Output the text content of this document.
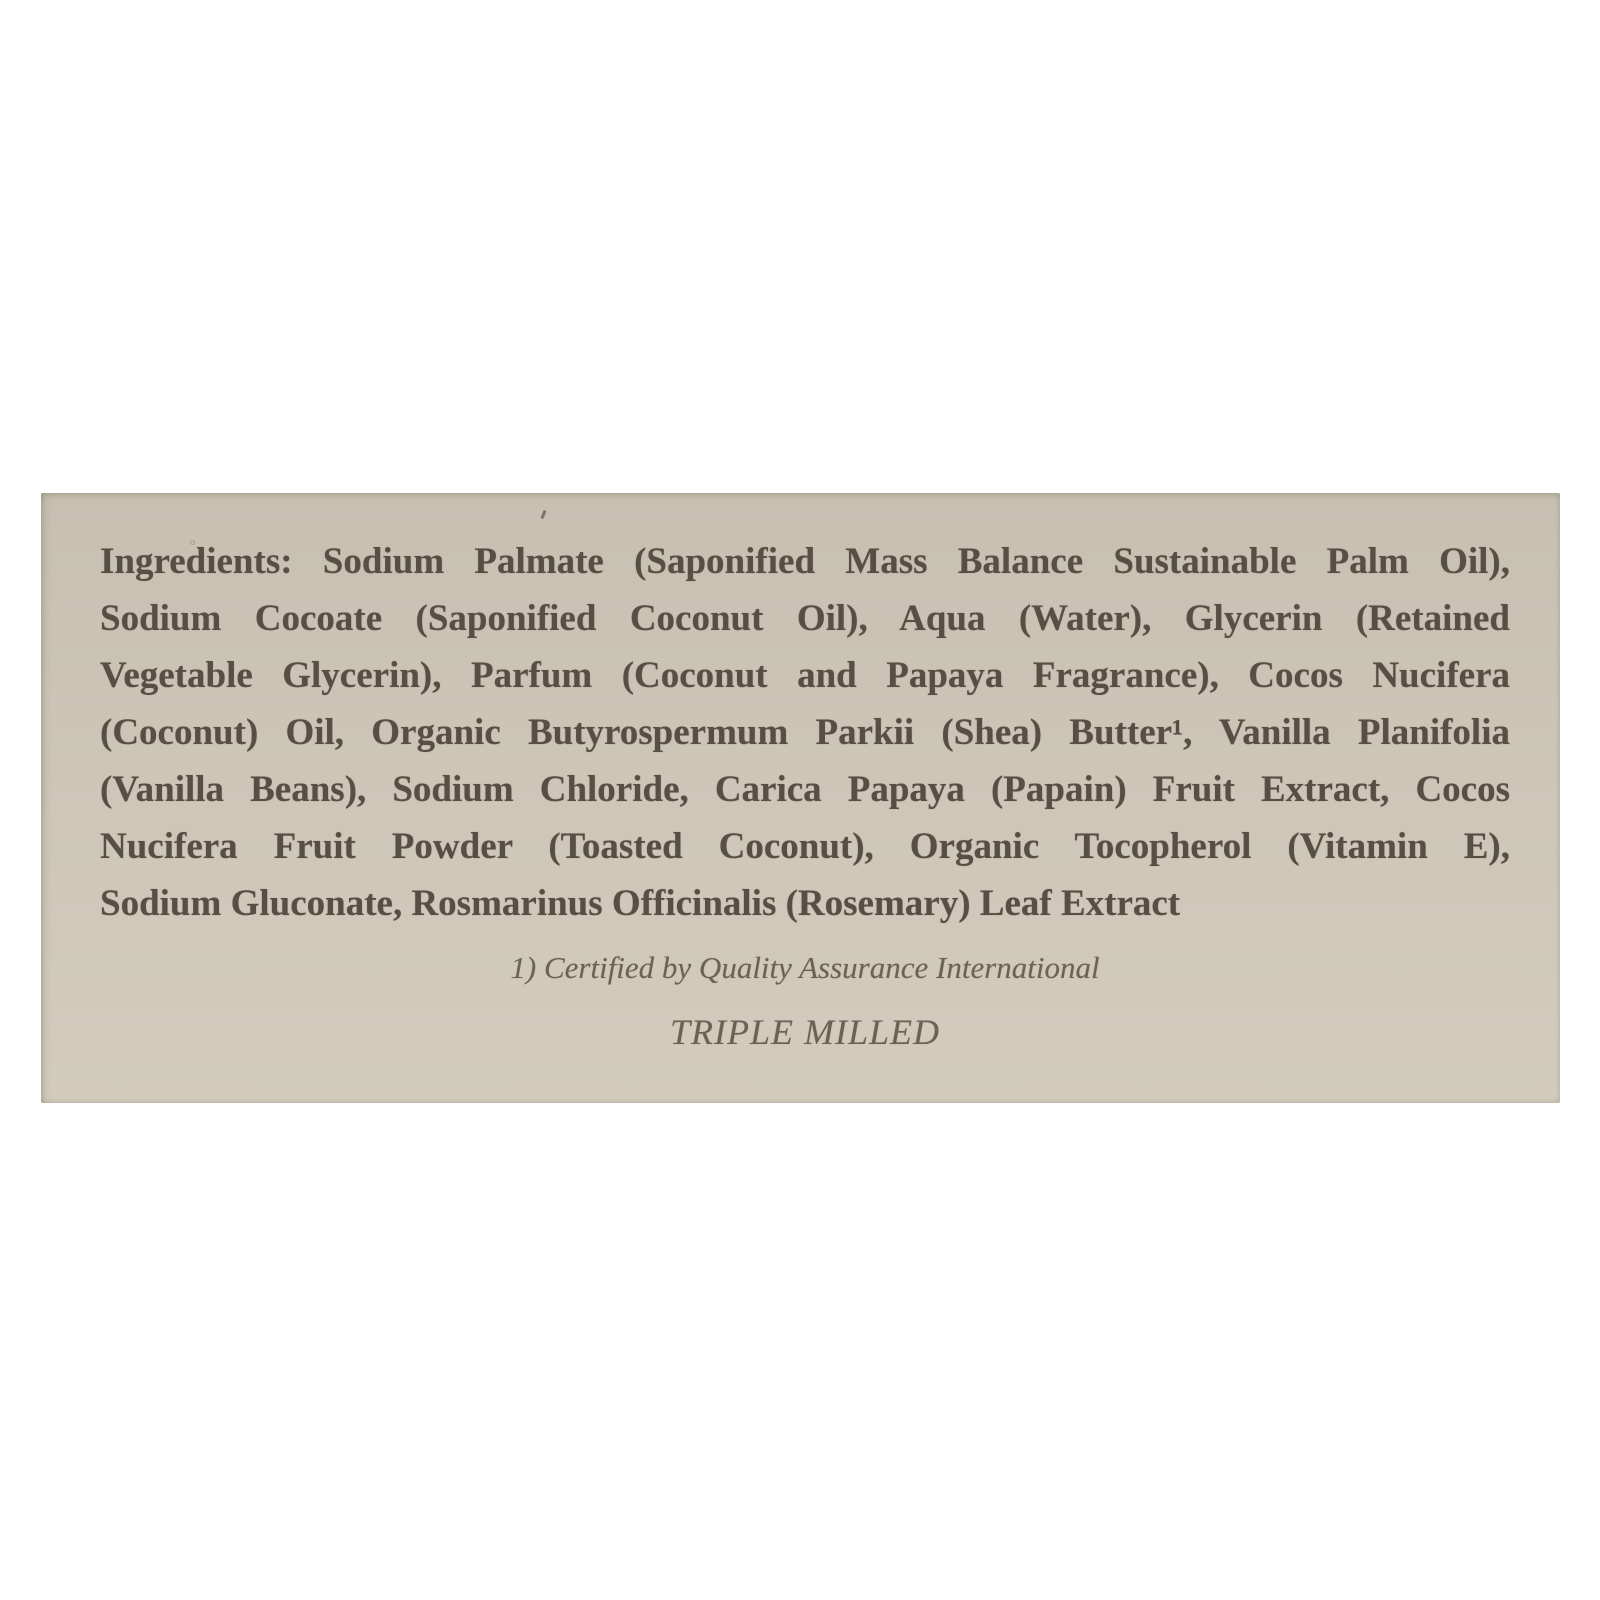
Ingredients: Sodium Palmate (Saponified Mass Balance Sustainable Palm Oil),
Sodium Cocoate (Saponified Coconut Oil), Aqua (Water), Glycerin (Retained
Vegetable Glycerin), Parfum (Coconut and Papaya Fragrance), Cocos Nucifera
(Coconut) Oil, Organic Butyrospermum Parkii (Shea) Butter¹, Vanilla Planifolia
(Vanilla Beans), Sodium Chloride, Carica Papaya (Papain) Fruit Extract, Cocos
Nucifera Fruit Powder (Toasted Coconut), Organic Tocopherol (Vitamin E),
Sodium Gluconate, Rosmarinus Officinalis (Rosemary) Leaf Extract
1) Certified by Quality Assurance International
TRIPLE MILLED
